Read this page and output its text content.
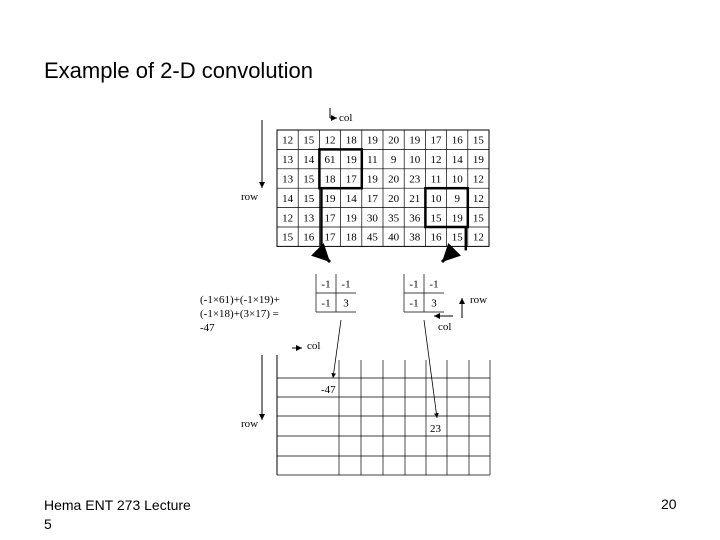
Example of 2-D convolution
col
row
12 15 12 18 19 20 19 17 16 15
13 14 61 19 11 9 10 12 14 19
13 15 18 17 19 20 23 11 10 12
14 15 19 14 17 20 21 10 9 12
12 13 17 19 30 35 36 15 19 15
15 16 17 18 45 40 38 16 15 12
-1 -1
-1 3
-1 -1
-1 3
(-1×61)+(-1×19)+
(-1×18)+(3×17) =
-47
row
col
col
row
-47
23
Hema ENT 273 Lecture
5
20
